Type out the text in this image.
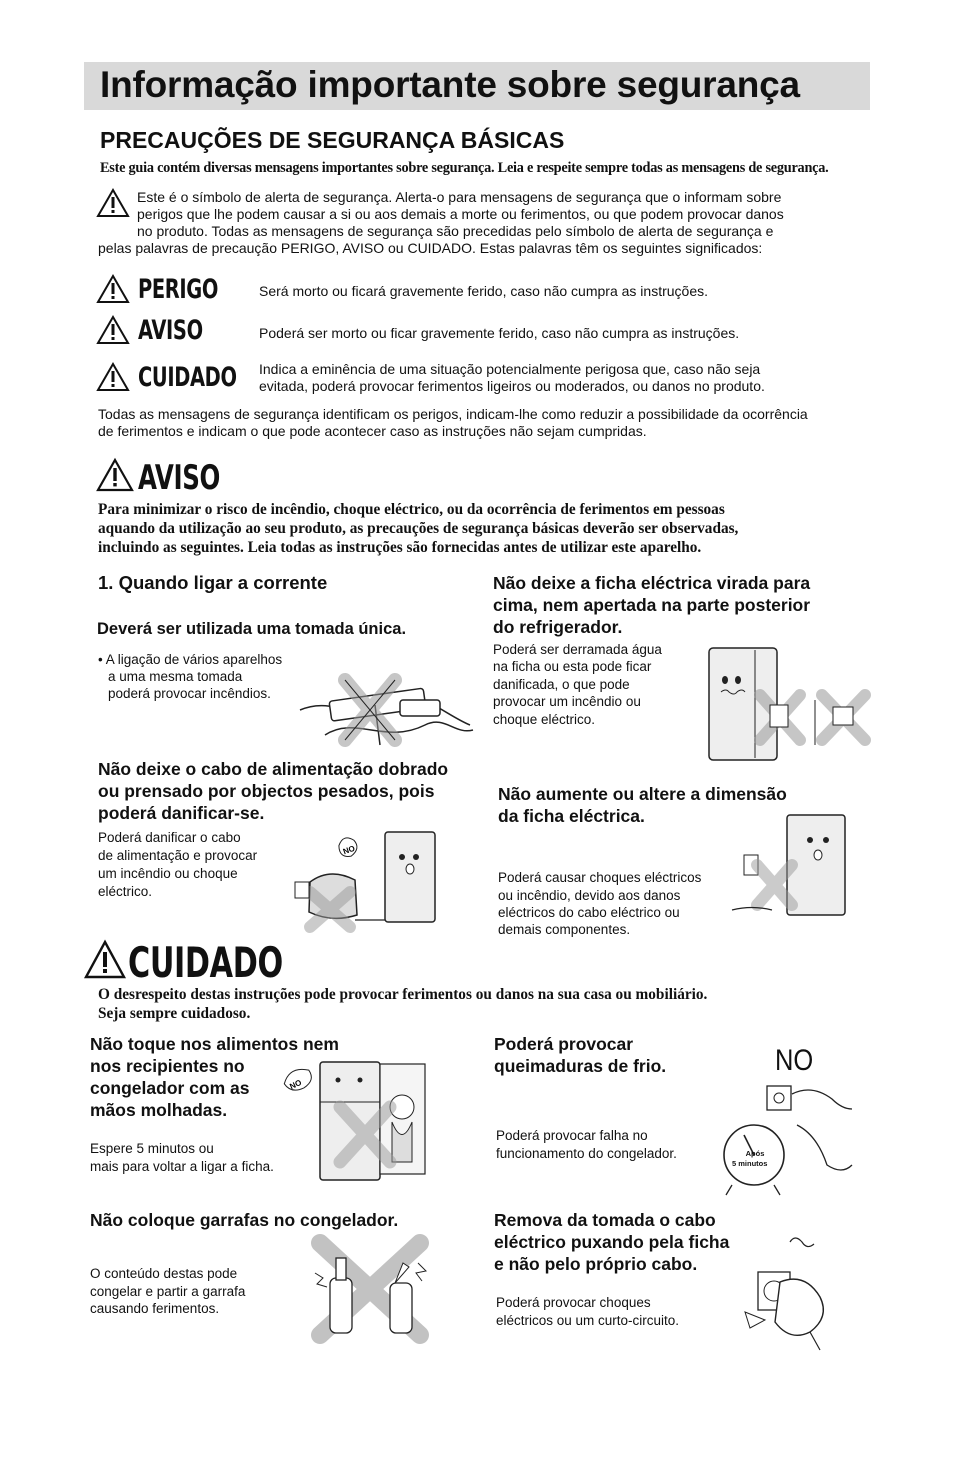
Informação importante sobre segurança
PRECAUÇÕES DE SEGURANÇA BÁSICAS
Este guia contém diversas mensagens importantes sobre segurança. Leia e respeite sempre todas as mensagens de segurança.
Este é o símbolo de alerta de segurança. Alerta-o para mensagens de segurança que o informam sobre
perigos que lhe podem causar a si ou aos demais a morte ou ferimentos, ou que podem provocar danos
no produto. Todas as mensagens de segurança são precedidas pelo símbolo de alerta de segurança e
pelas palavras de precaução PERIGO, AVISO ou CUIDADO. Estas palavras têm os seguintes significados:
PERIGO	Será morto ou ficará gravemente ferido, caso não cumpra as instruções.
AVISO	Poderá ser morto ou ficar gravemente ferido, caso não cumpra as instruções.
CUIDADO Indica a eminência de uma situação potencialmente perigosa que, caso não seja
evitada, poderá provocar ferimentos ligeiros ou moderados, ou danos no produto.
Todas as mensagens de segurança identificam os perigos, indicam-lhe como reduzir a possibilidade da ocorrência
de ferimentos e indicam o que pode acontecer caso as instruções não sejam cumpridas.
AVISO
Para minimizar o risco de incêndio, choque eléctrico, ou da ocorrência de ferimentos em pessoas
aquando da utilização ao seu produto, as precauções de segurança básicas deverão ser observadas,
incluindo as seguintes. Leia todas as instruções são fornecidas antes de utilizar este aparelho.
1. Quando ligar a corrente
Deverá ser utilizada uma tomada única.
• A ligação de vários aparelhos
a uma mesma tomada
poderá provocar incêndios.
Não deixe a ficha eléctrica virada para
cima, nem apertada na parte posterior
do refrigerador.
Poderá ser derramada água
na ficha ou esta pode ficar
danificada, o que pode
provocar um incêndio ou
choque eléctrico.
Não deixe o cabo de alimentação dobrado
ou prensado por objectos pesados, pois
poderá danificar-se.
Poderá danificar o cabo
de alimentação e provocar
um incêndio ou choque
eléctrico.
NO
Não aumente ou altere a dimensão
da ficha eléctrica.
Poderá causar choques eléctricos
ou incêndio, devido aos danos
eléctricos do cabo eléctrico ou
demais componentes.
CUIDADO
O desrespeito destas instruções pode provocar ferimentos ou danos na sua casa ou mobiliário.
Seja sempre cuidadoso.
Não toque nos alimentos nem
nos recipientes no
congelador com as
mãos molhadas.
Espere 5 minutos ou
mais para voltar a ligar a ficha.
NO
Poderá provocar
queimaduras de frio.
Poderá provocar falha no
funcionamento do congelador.
NO
Após
5 minutos
Não coloque garrafas no congelador.
O conteúdo destas pode
congelar e partir a garrafa
causando ferimentos.
Remova da tomada o cabo
eléctrico puxando pela ficha
e não pelo próprio cabo.
Poderá provocar choques
eléctricos ou um curto-circuito.
